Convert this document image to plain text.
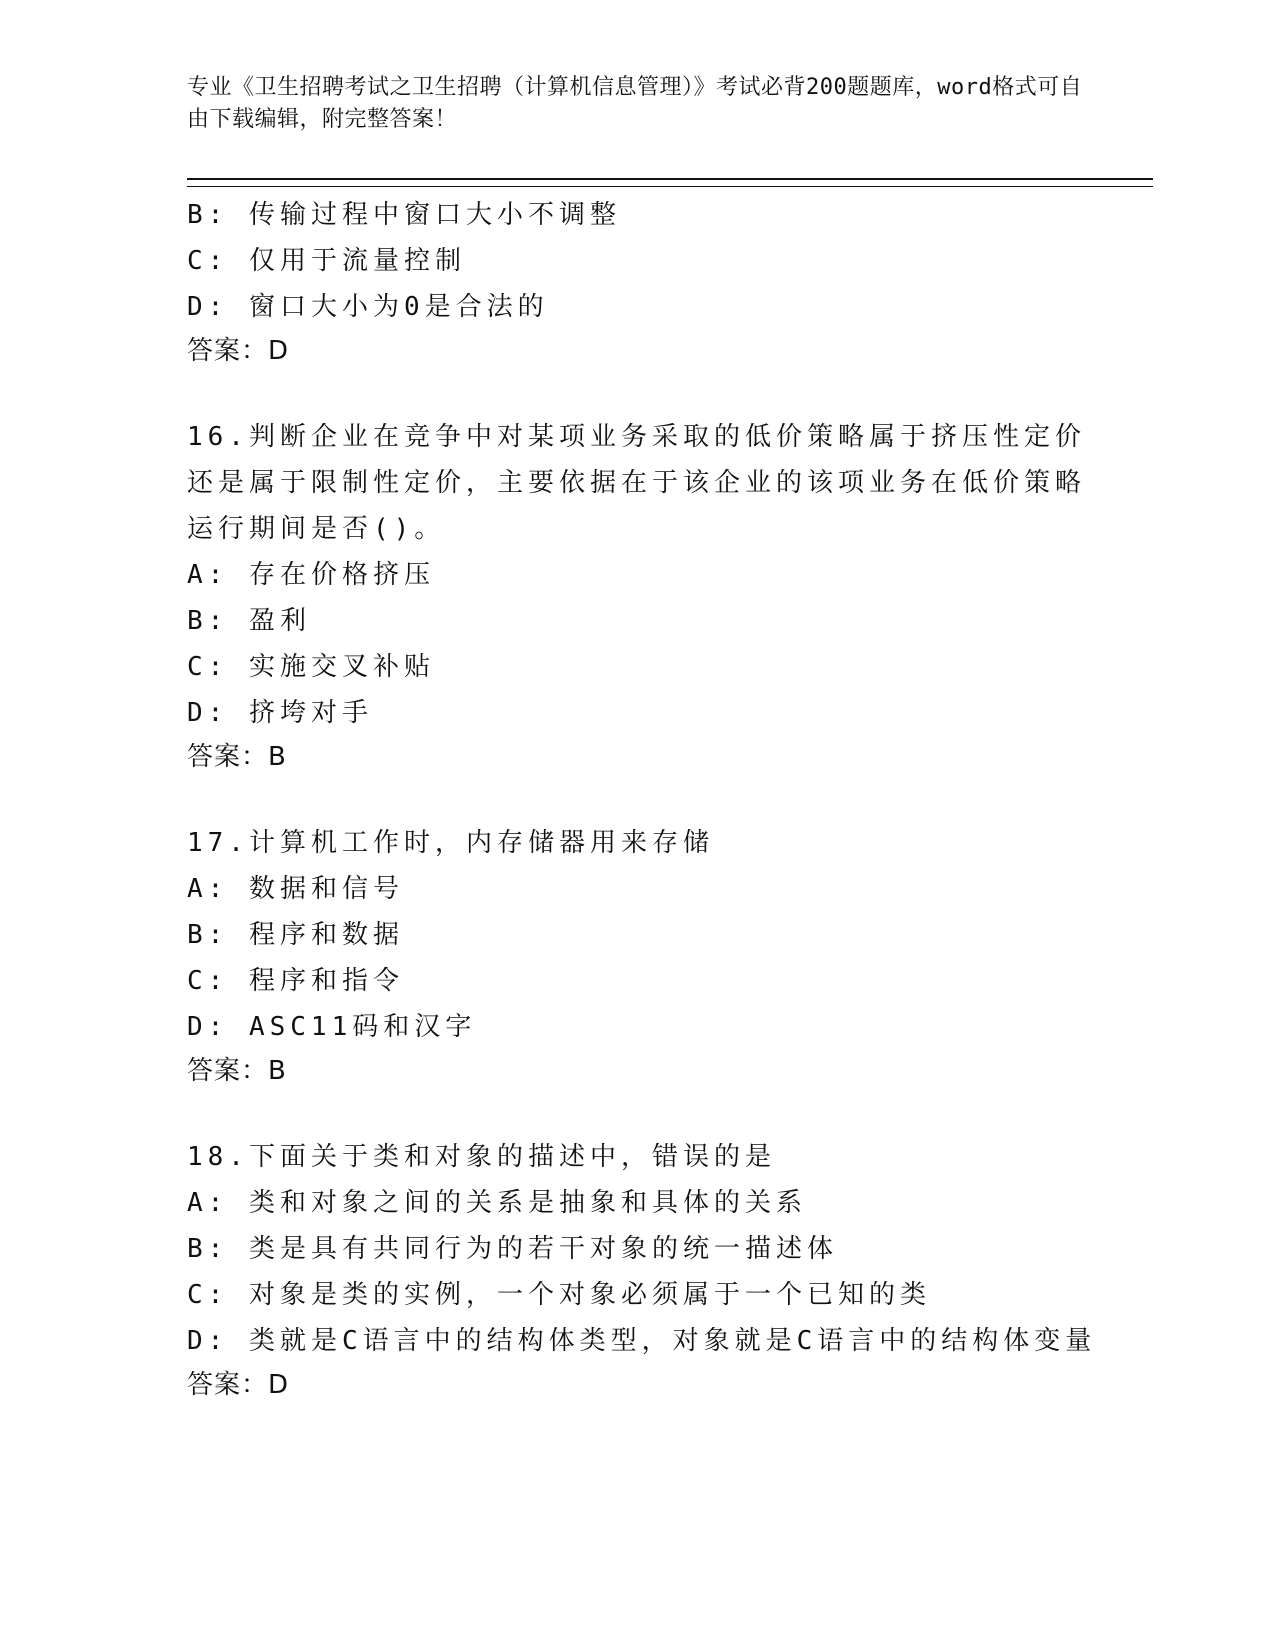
专业《卫生招聘考试之卫生招聘（计算机信息管理）》考试必背200题题库，word格式可自由下载编辑，附完整答案！
B: 传输过程中窗口大小不调整
C: 仅用于流量控制
D: 窗口大小为0是合法的
答案：D
16.判断企业在竞争中对某项业务采取的低价策略属于挤压性定价还是属于限制性定价，主要依据在于该企业的该项业务在低价策略运行期间是否()。
A: 存在价格挤压
B: 盈利
C: 实施交叉补贴
D: 挤垮对手
答案：B
17.计算机工作时，内存储器用来存储
A: 数据和信号
B: 程序和数据
C: 程序和指令
D: ASC11码和汉字
答案：B
18.下面关于类和对象的描述中，错误的是
A: 类和对象之间的关系是抽象和具体的关系
B: 类是具有共同行为的若干对象的统一描述体
C: 对象是类的实例，一个对象必须属于一个已知的类
D: 类就是C语言中的结构体类型，对象就是C语言中的结构体变量
答案：D
